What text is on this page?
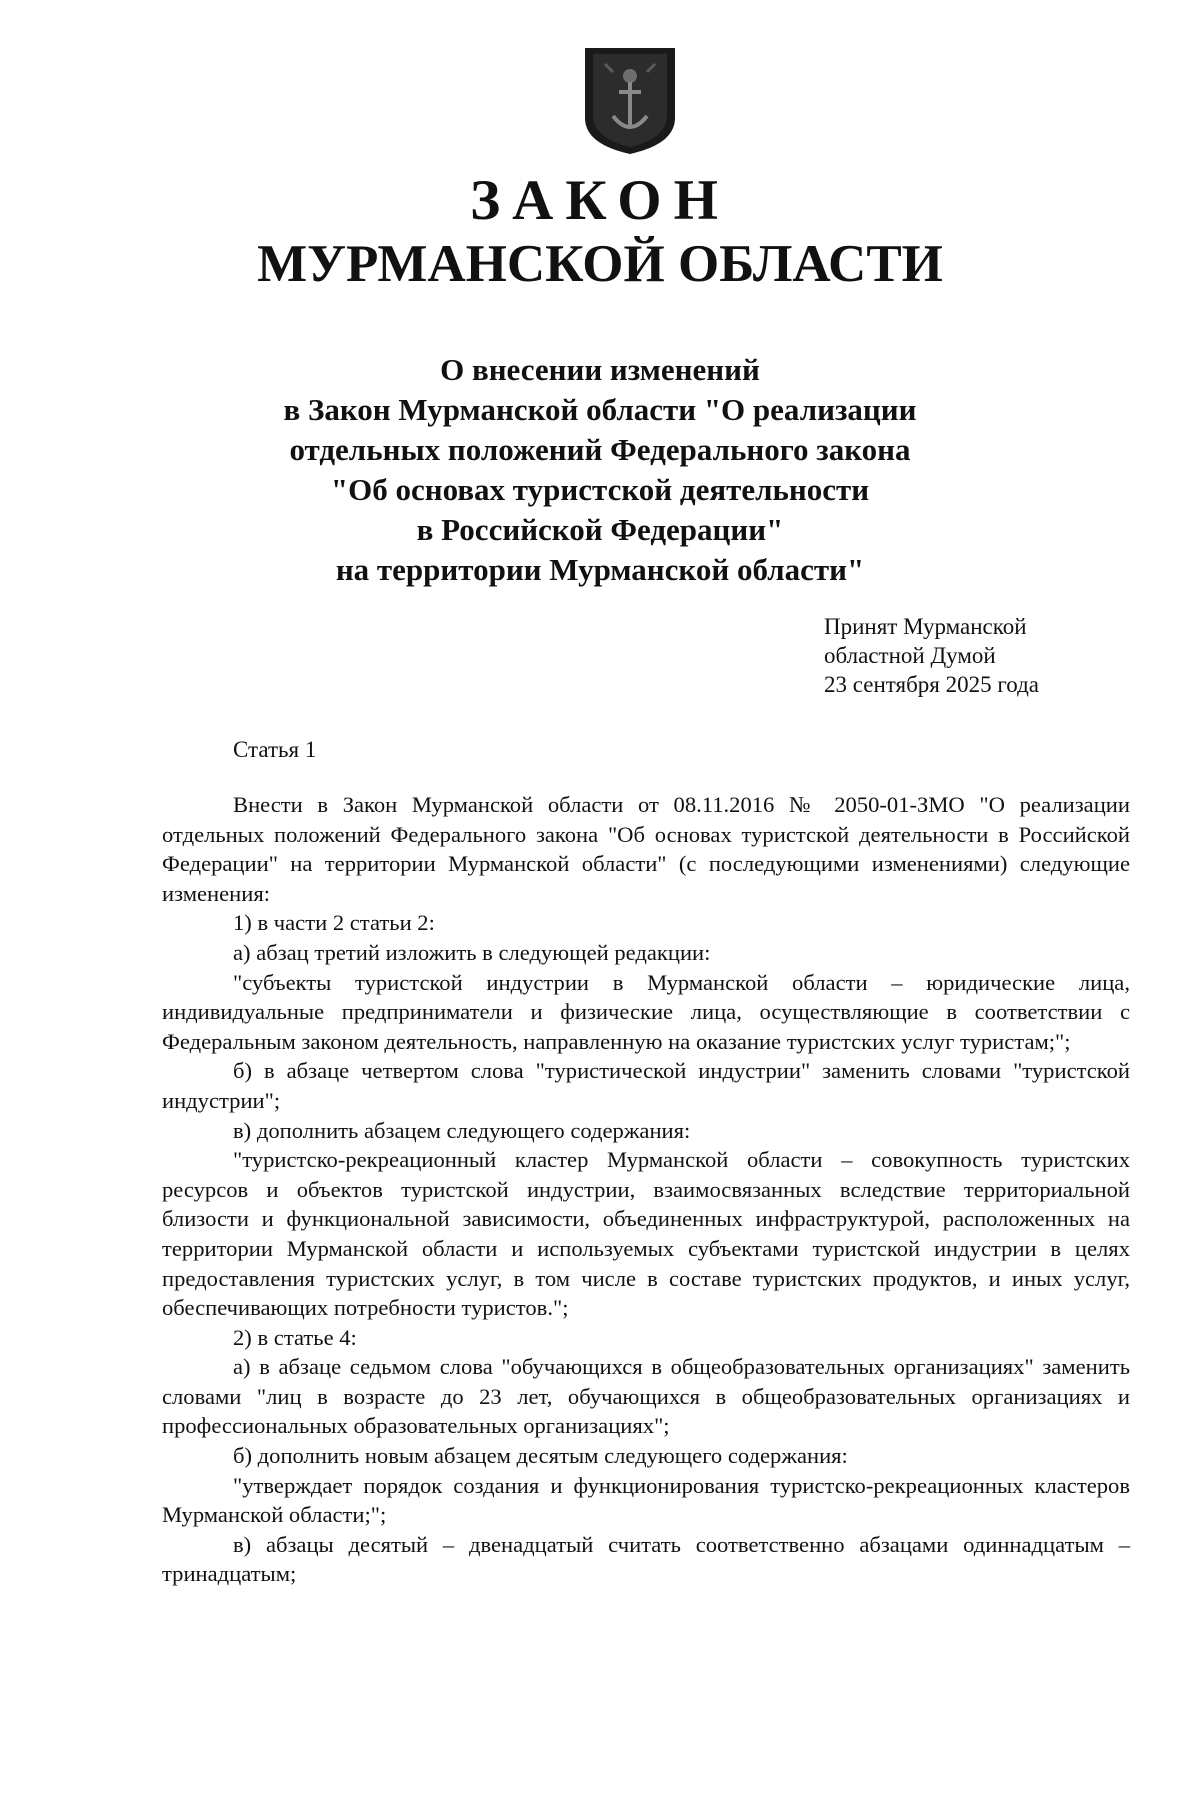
ЗАКОН
МУРМАНСКОЙ ОБЛАСТИ
О внесении изменений
в Закон Мурманской области "О реализации
отдельных положений Федерального закона
"Об основах туристской деятельности
в Российской Федерации"
на территории Мурманской области"
Принят Мурманской
областной Думой
23 сентября 2025 года
Статья 1

Внести в Закон Мурманской области от 08.11.2016 № 2050-01-ЗМО "О реализации отдельных положений Федерального закона "Об основах туристской деятельности в Российской Федерации" на территории Мурманской области" (с последующими изменениями) следующие изменения:

1) в части 2 статьи 2:

а) абзац третий изложить в следующей редакции:

"субъекты туристской индустрии в Мурманской области – юридические лица, индивидуальные предприниматели и физические лица, осуществляющие в соответствии с Федеральным законом деятельность, направленную на оказание туристских услуг туристам;";

б) в абзаце четвертом слова "туристической индустрии" заменить словами "туристской индустрии";

в) дополнить абзацем следующего содержания:

"туристско-рекреационный кластер Мурманской области – совокупность туристских ресурсов и объектов туристской индустрии, взаимосвязанных вследствие территориальной близости и функциональной зависимости, объединенных инфраструктурой, расположенных на территории Мурманской области и используемых субъектами туристской индустрии в целях предоставления туристских услуг, в том числе в составе туристских продуктов, и иных услуг, обеспечивающих потребности туристов.";

2) в статье 4:

а) в абзаце седьмом слова "обучающихся в общеобразовательных организациях" заменить словами "лиц в возрасте до 23 лет, обучающихся в общеобразовательных организациях и профессиональных образовательных организациях";

б) дополнить новым абзацем десятым следующего содержания:

"утверждает порядок создания и функционирования туристско-рекреационных кластеров Мурманской области;";

в) абзацы десятый – двенадцатый считать соответственно абзацами одиннадцатым – тринадцатым;
